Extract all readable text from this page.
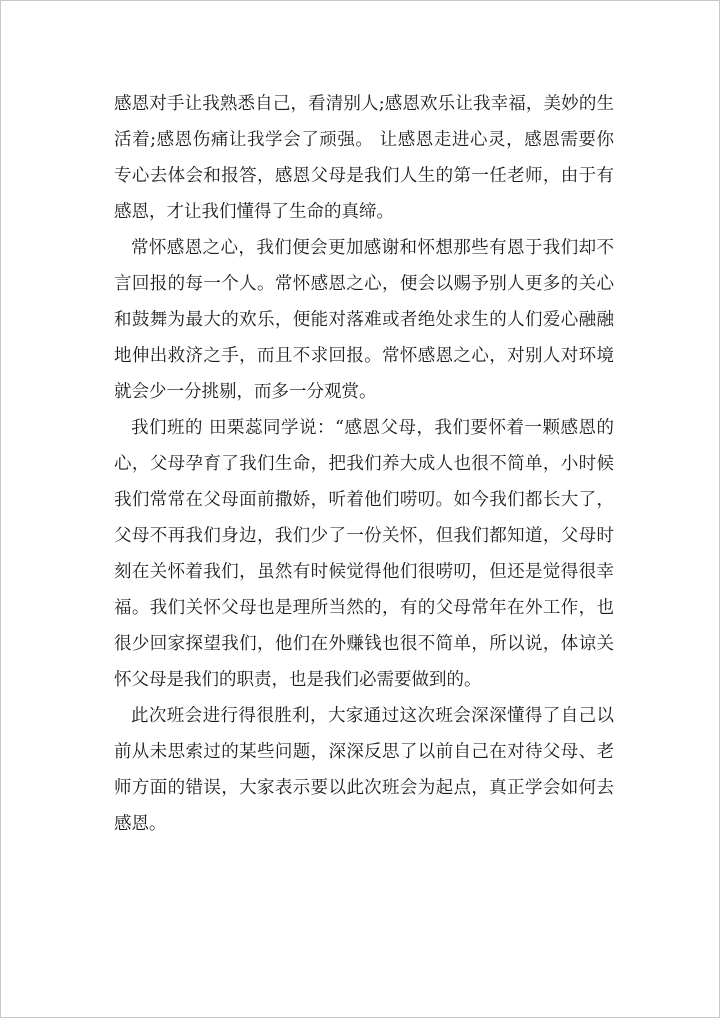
感恩对手让我熟悉自己，看清别人;感恩欢乐让我幸福，美妙的生活着;感恩伤痛让我学会了顽强。 让感恩走进心灵，感恩需要你专心去体会和报答，感恩父母是我们人生的第一任老师，由于有感恩，才让我们懂得了生命的真缔。

常怀感恩之心，我们便会更加感谢和怀想那些有恩于我们却不言回报的每一个人。常怀感恩之心，便会以赐予别人更多的关心和鼓舞为最大的欢乐，便能对落难或者绝处求生的人们爱心融融地伸出救济之手，而且不求回报。常怀感恩之心，对别人对环境就会少一分挑剔，而多一分观赏。

我们班的 田栗蕊同学说：“感恩父母，我们要怀着一颗感恩的心，父母孕育了我们生命，把我们养大成人也很不简单，小时候我们常常在父母面前撒娇，听着他们唠叨。如今我们都长大了，父母不再我们身边，我们少了一份关怀，但我们都知道，父母时刻在关怀着我们，虽然有时候觉得他们很唠叨，但还是觉得很幸福。我们关怀父母也是理所当然的，有的父母常年在外工作，也很少回家探望我们，他们在外赚钱也很不简单，所以说，体谅关怀父母是我们的职责，也是我们必需要做到的。

此次班会进行得很胜利，大家通过这次班会深深懂得了自己以前从未思索过的某些问题，深深反思了以前自己在对待父母、老师方面的错误，大家表示要以此次班会为起点，真正学会如何去感恩。
